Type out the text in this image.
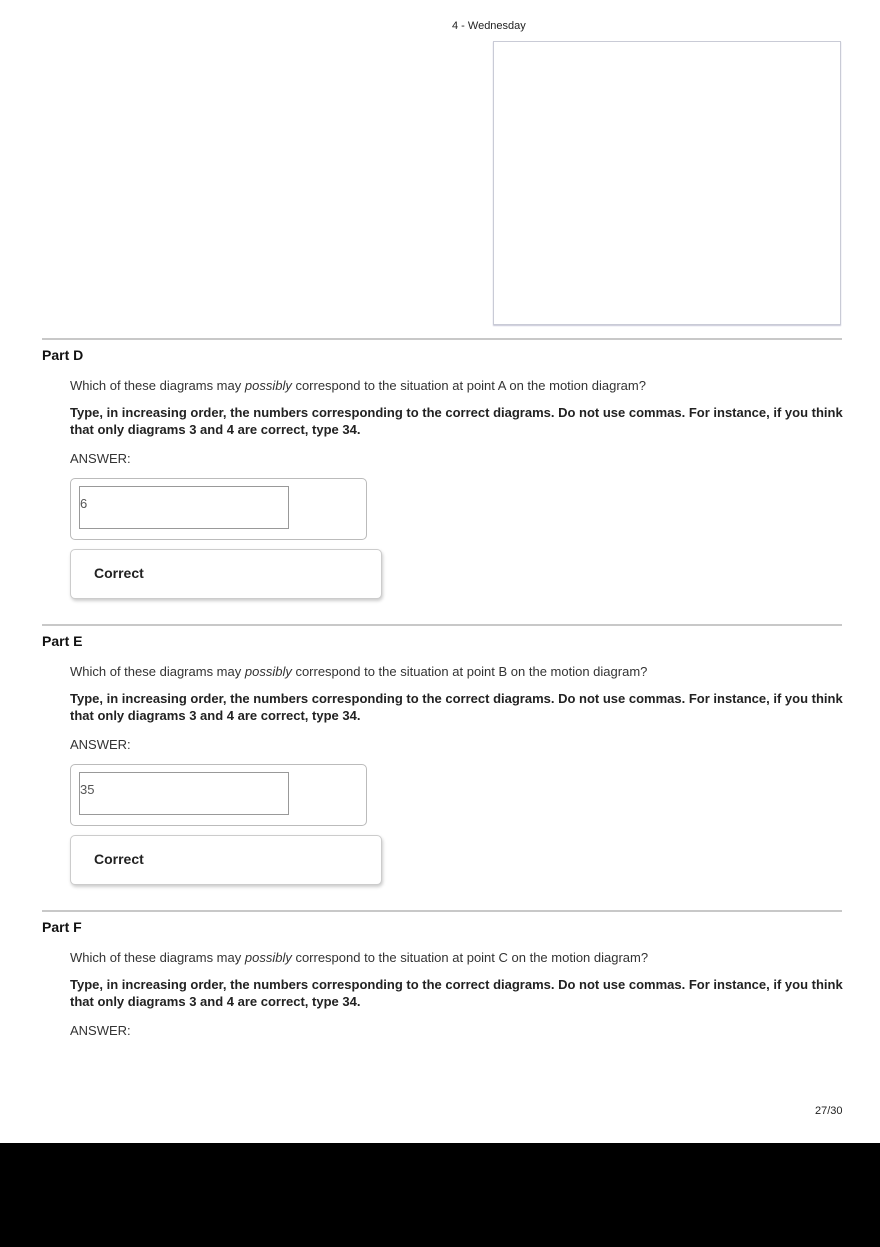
4 - Wednesday
Part D
Which of these diagrams may possibly correspond to the situation at point A on the motion diagram?
Type, in increasing order, the numbers corresponding to the correct diagrams. Do not use commas. For instance, if you think that only diagrams 3 and 4 are correct, type 34.
ANSWER:
6
Correct
Part E
Which of these diagrams may possibly correspond to the situation at point B on the motion diagram?
Type, in increasing order, the numbers corresponding to the correct diagrams. Do not use commas. For instance, if you think that only diagrams 3 and 4 are correct, type 34.
ANSWER:
35
Correct
Part F
Which of these diagrams may possibly correspond to the situation at point C on the motion diagram?
Type, in increasing order, the numbers corresponding to the correct diagrams. Do not use commas. For instance, if you think that only diagrams 3 and 4 are correct, type 34.
ANSWER:
27/30
